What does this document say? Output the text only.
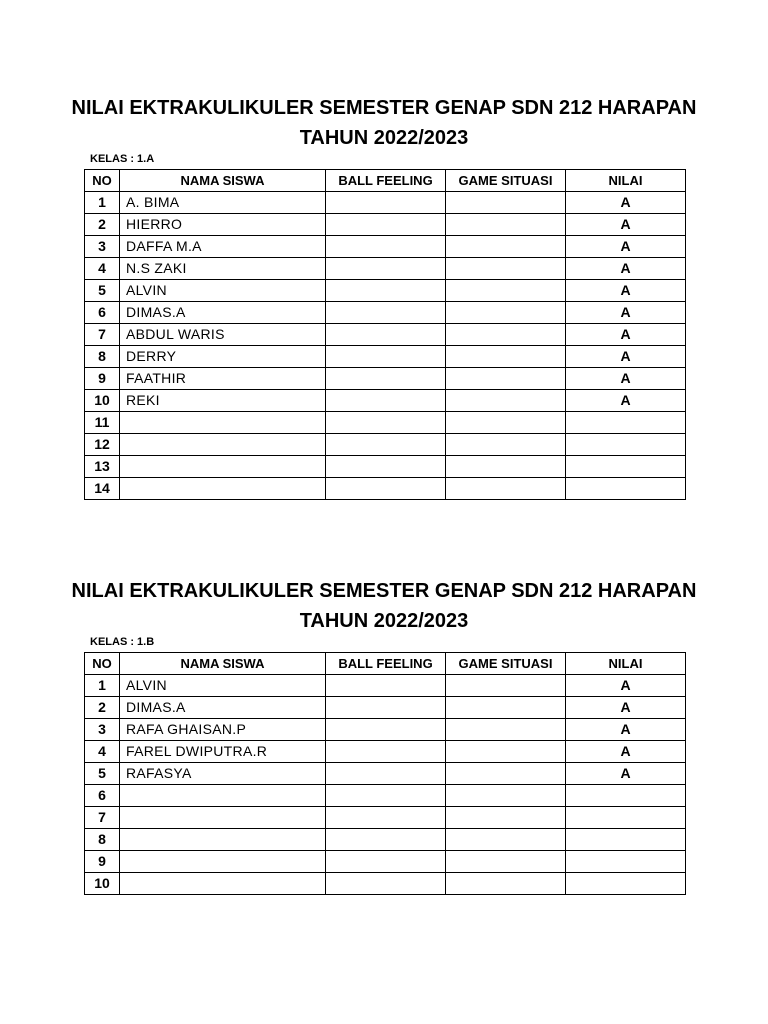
NILAI EKTRAKULIKULER SEMESTER GENAP SDN 212 HARAPAN

TAHUN 2022/2023

KELAS : 1.A
NO	NAMA SISWA	BALL FEELING	GAME SITUASI	NILAI
1	A. BIMA			A
2	HIERRO			A
3	DAFFA M.A			A
4	N.S ZAKI			A
5	ALVIN			A
6	DIMAS.A			A
7	ABDUL WARIS			A
8	DERRY			A
9	FAATHIR			A
10	REKI			A
11				
12				
13				
14				

NILAI EKTRAKULIKULER SEMESTER GENAP SDN 212 HARAPAN

TAHUN 2022/2023

KELAS : 1.B
NO	NAMA SISWA	BALL FEELING	GAME SITUASI	NILAI
1	ALVIN			A
2	DIMAS.A			A
3	RAFA GHAISAN.P			A
4	FAREL DWIPUTRA.R			A
5	RAFASYA			A
6				
7				
8				
9				
10				
